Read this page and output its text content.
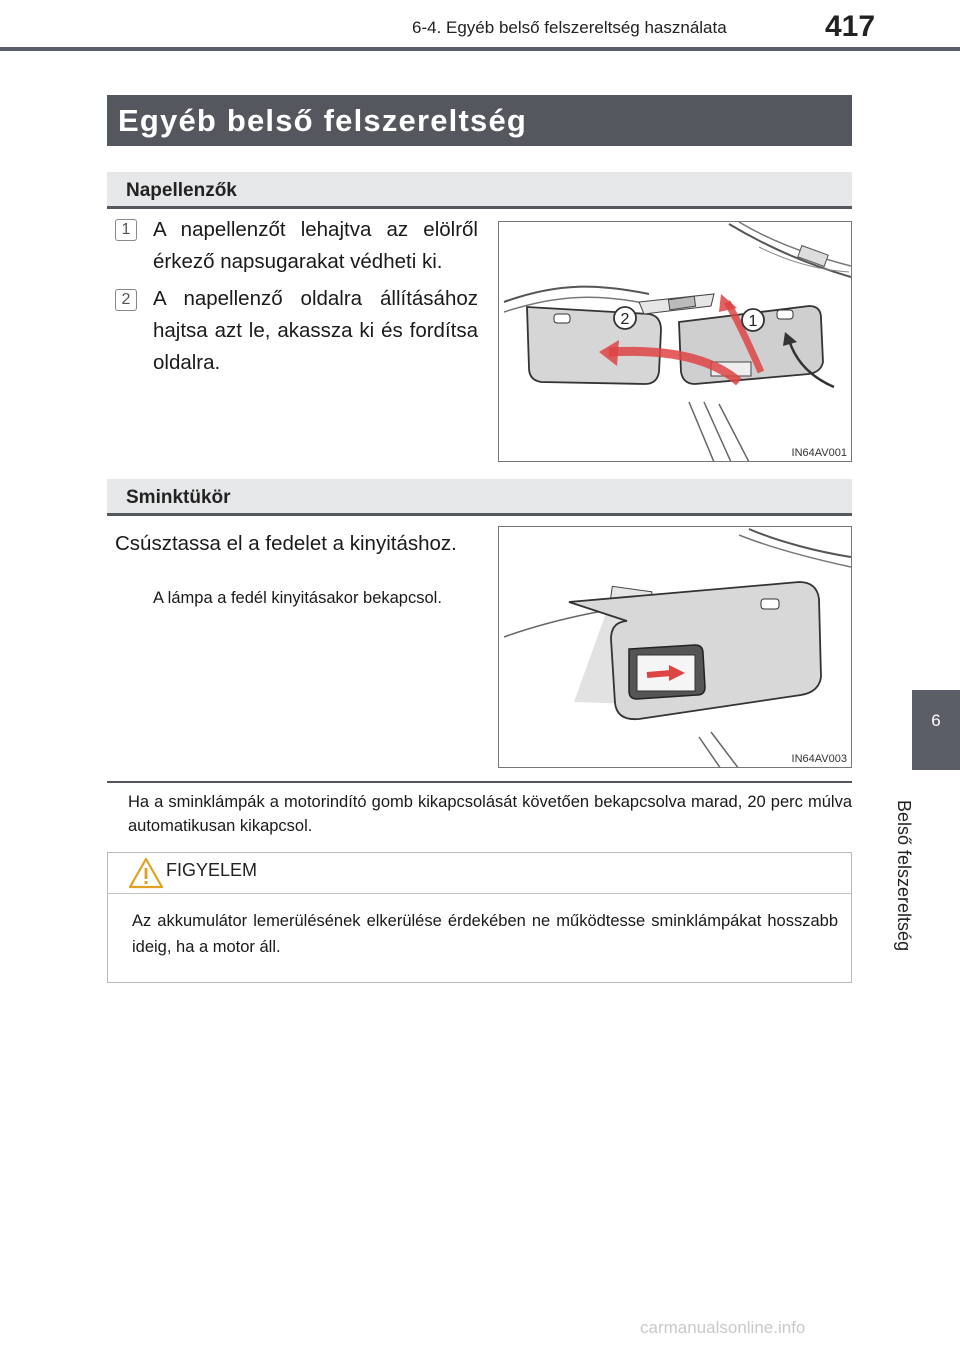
6-4. Egyéb belső felszereltség használata	417
6
Belső felszereltség
Egyéb belső felszereltség
Napellenzők
1	A napellenzőt lehajtva az elölről érkező napsugarakat védheti ki.
2	A napellenző oldalra állításához hajtsa azt le, akassza ki és fordítsa oldalra.
2	1
IN64AV001
Sminktükör
Csúsztassa el a fedelet a kinyitáshoz.
A lámpa a fedél kinyitásakor bekapcsol.
IN64AV003
Ha a sminklámpák a motorindító gomb kikapcsolását követően bekapcsolva marad, 20 perc múlva automatikusan kikapcsol.
FIGYELEM
Az akkumulátor lemerülésének elkerülése érdekében ne működtesse sminklámpákat hosszabb ideig, ha a motor áll.
carmanualsonline.info
